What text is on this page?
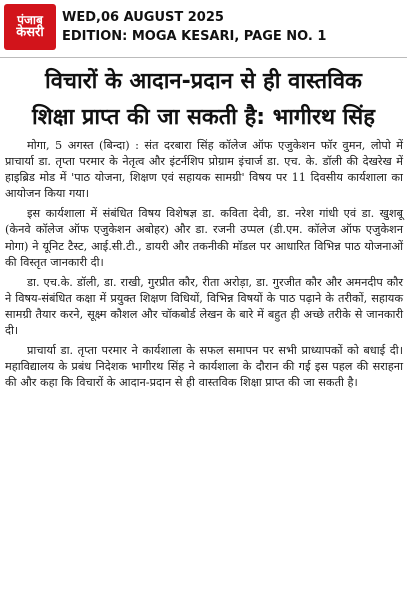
पंजाब
केसरी
WED,06 AUGUST 2025
EDITION: MOGA KESARI, PAGE NO. 1
विचारों के आदान-प्रदान से ही वास्तविक
शिक्षा प्राप्त की जा सकती है: भागीरथ सिंह

मोगा, 5 अगस्त (बिन्दा) : संत दरबारा सिंह कॉलेज ऑफ एजुकेशन फॉर वुमन, लोपो में प्राचार्या डा. तृप्ता परमार के नेतृत्व और इंटर्नशिप प्रोग्राम इंचार्ज डा. एच. के. डॉली की देखरेख में हाइब्रिड मोड में 'पाठ योजना, शिक्षण एवं सहायक सामग्री' विषय पर 11 दिवसीय कार्यशाला का आयोजन किया गया।

इस कार्यशाला में संबंधित विषय विशेषज्ञ डा. कविता देवी, डा. नरेश गांधी एवं डा. खुशबू (केनवे कॉलेज ऑफ एजुकेशन अबोहर) और डा. रजनी उप्पल (डी.एम. कॉलेज ऑफ एजुकेशन मोगा) ने यूनिट टैस्ट, आई.सी.टी., डायरी और तकनीकी मॉडल पर आधारित विभिन्न पाठ योजनाओं की विस्तृत जानकारी दी।

डा. एच.के. डॉली, डा. राखी, गुरप्रीत कौर, रीता अरोड़ा, डा. गुरजीत कौर और अमनदीप कौर ने विषय-संबंधित कक्षा में प्रयुक्त शिक्षण विधियों, विभिन्न विषयों के पाठ पढ़ाने के तरीकों, सहायक सामग्री तैयार करने, सूक्ष्म कौशल और चॉकबोर्ड लेखन के बारे में बहुत ही अच्छे तरीके से जानकारी दी।

प्राचार्या डा. तृप्ता परमार ने कार्यशाला के सफल समापन पर सभी प्राध्यापकों को बधाई दी। महाविद्यालय के प्रबंध निदेशक भागीरथ सिंह ने कार्यशाला के दौरान की गई इस पहल की सराहना की और कहा कि विचारों के आदान-प्रदान से ही वास्तविक शिक्षा प्राप्त की जा सकती है।
